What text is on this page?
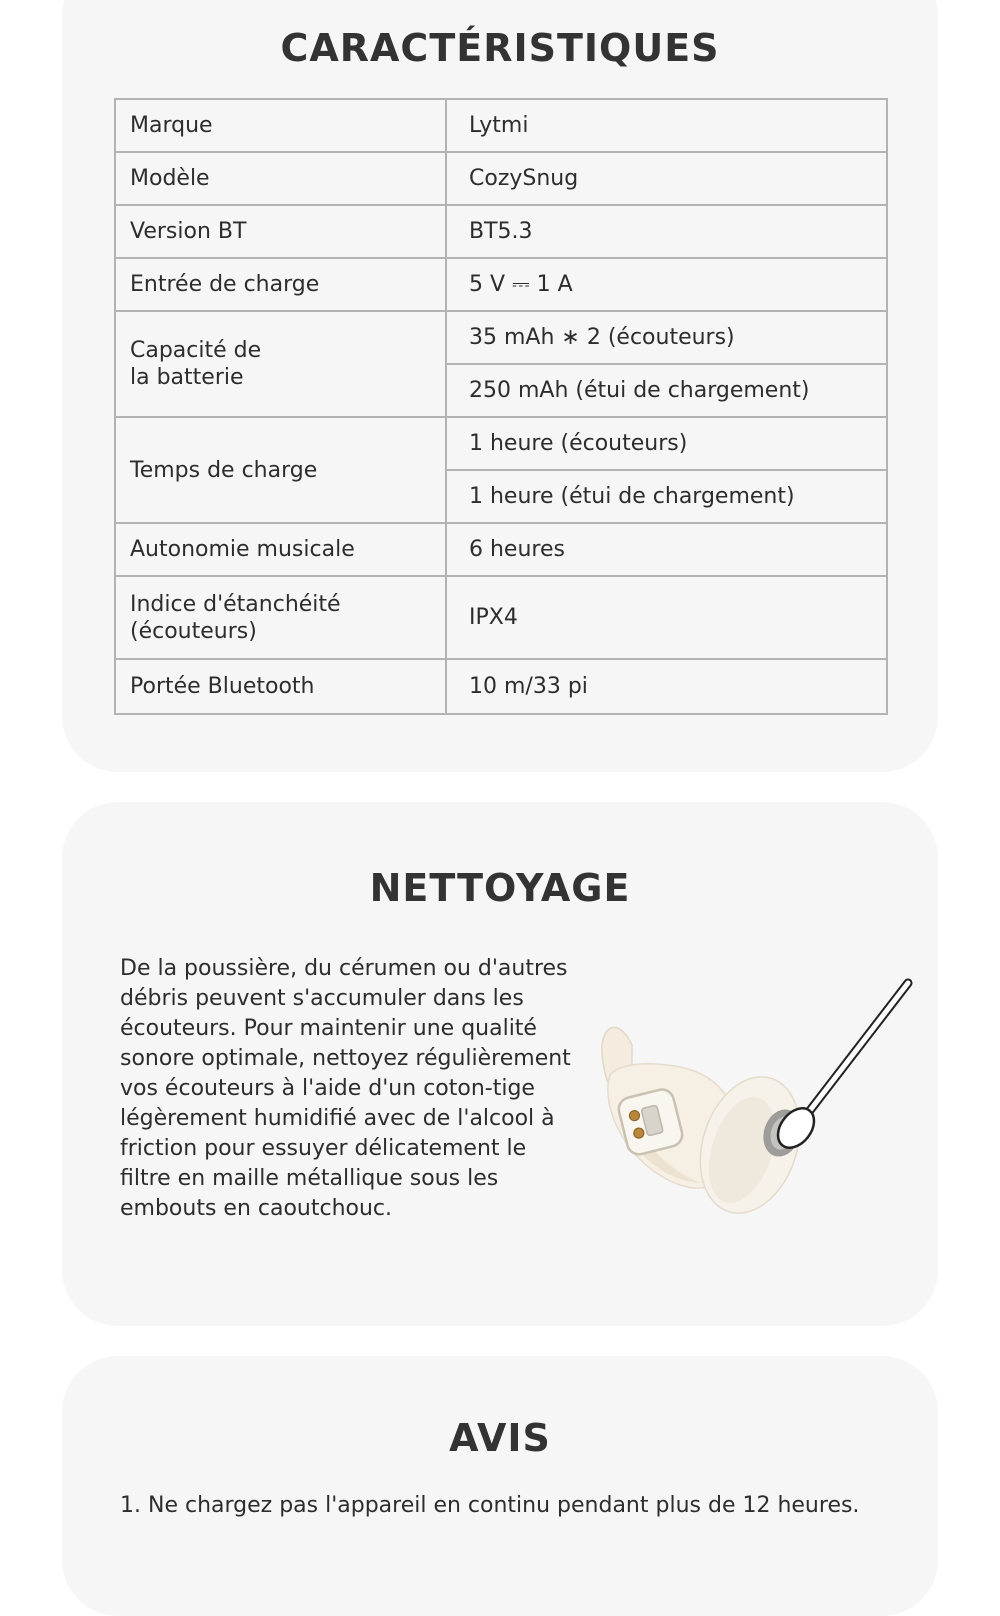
CARACTÉRISTIQUES
Marque	Lytmi
Modèle	CozySnug
Version BT	BT5.3
Entrée de charge	5 V ⎓ 1 A
Capacité de
la batterie	35 mAh ∗ 2 (écouteurs)
	250 mAh (étui de chargement)
Temps de charge	1 heure (écouteurs)
	1 heure (étui de chargement)
Autonomie musicale	6 heures
Indice d'étanchéité
(écouteurs)	IPX4
Portée Bluetooth	10 m/33 pi
NETTOYAGE

De la poussière, du cérumen ou d'autres débris peuvent s'accumuler dans les écouteurs. Pour maintenir une qualité sonore optimale, nettoyez régulièrement vos écouteurs à l'aide d'un coton-tige légèrement humidifié avec de l'alcool à friction pour essuyer délicatement le filtre en maille métallique sous les embouts en caoutchouc.

AVIS

1. Ne chargez pas l'appareil en continu pendant plus de 12 heures.
